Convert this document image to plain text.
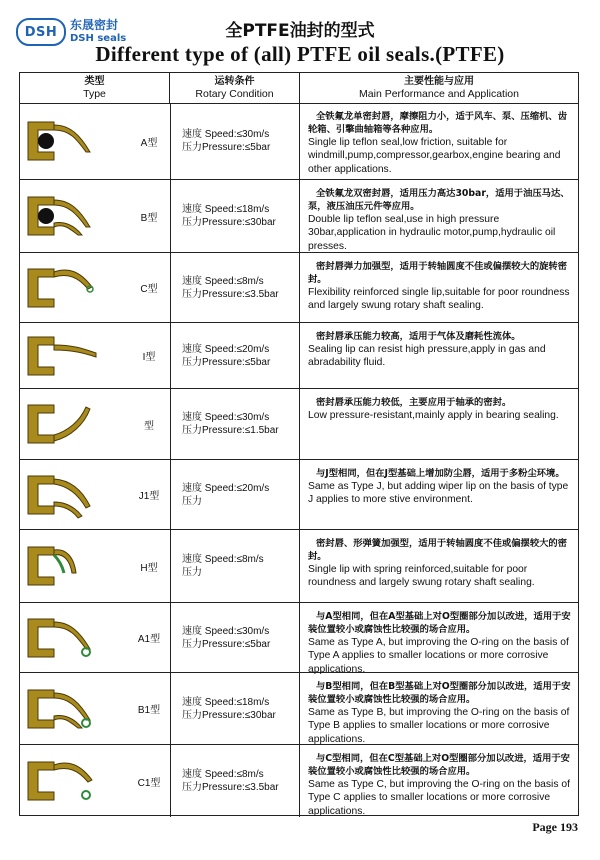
DSH	东晟密封
DSH seals	全PTFE油封的型式
Different type of (all) PTFE oil seals.(PTFE)
类型
Type
运转条件
Rotary Condition
主要性能与应用
Main Performance and Application
A型
速度 Speed:≤30m/s
压力Pressure:≤5bar
全铁氟龙单密封唇，摩擦阻力小，适于风车、泵、压缩机、齿轮箱、引擎曲轴箱等各种应用。
Single lip teflon seal,low friction, suitable for windmill,pump,compressor,gearbox,engine bearing and other applications.
B型
速度 Speed:≤18m/s
压力Pressure:≤30bar
全铁氟龙双密封唇，适用压力高达30bar，适用于油压马达、泵，液压油压元件等应用。
Double lip teflon seal,use in high pressure 30bar,application in hydraulic motor,pump,hydraulic oil presses.
C型
速度 Speed:≤8m/s
压力Pressure:≤3.5bar
密封唇弹力加强型，适用于转轴圆度不佳或偏摆较大的旋转密封。
Flexibility reinforced single lip,suitable for poor roundness and largely swung rotary shaft sealing.
I型
速度 Speed:≤20m/s
压力Pressure:≤5bar
密封唇承压能力较高，适用于气体及磨耗性流体。
Sealing lip can resist high pressure,apply in gas and abradability fluid.
型
速度 Speed:≤30m/s
压力Pressure:≤1.5bar
密封唇承压能力较低，主要应用于轴承的密封。
Low pressure-resistant,mainly apply in bearing sealing.
J1型
速度 Speed:≤20m/s
压力
与J型相同，但在J型基础上增加防尘唇，适用于多粉尘环境。
Same as Type J, but adding wiper lip on the basis of type J applies to more stive environment.
H型
速度 Speed:≤8m/s
压力
密封唇、形弹簧加强型，适用于转轴圆度不佳或偏摆较大的密封。
Single lip with spring reinforced,suitable for poor roundness and largely swung rotary shaft sealing.
A1型
速度 Speed:≤30m/s
压力Pressure:≤5bar
与A型相同，但在A型基础上对O型圈部分加以改进，适用于安装位置较小或腐蚀性比较强的场合应用。
Same as Type A, but improving the O-ring on the basis of Type A applies to smaller locations or more corrosive applications.
B1型
速度 Speed:≤18m/s
压力Pressure:≤30bar
与B型相同，但在B型基础上对O型圈部分加以改进，适用于安装位置较小或腐蚀性比较强的场合应用。
Same as Type B, but improving the O-ring on the basis of Type B applies to smaller locations or more corrosive applications.
C1型
速度 Speed:≤8m/s
压力Pressure:≤3.5bar
与C型相同，但在C型基础上对O型圈部分加以改进，适用于安装位置较小或腐蚀性比较强的场合应用。
Same as Type C, but improving the O-ring on the basis of Type C applies to smaller locations or more corrosive applications.
Page 193
